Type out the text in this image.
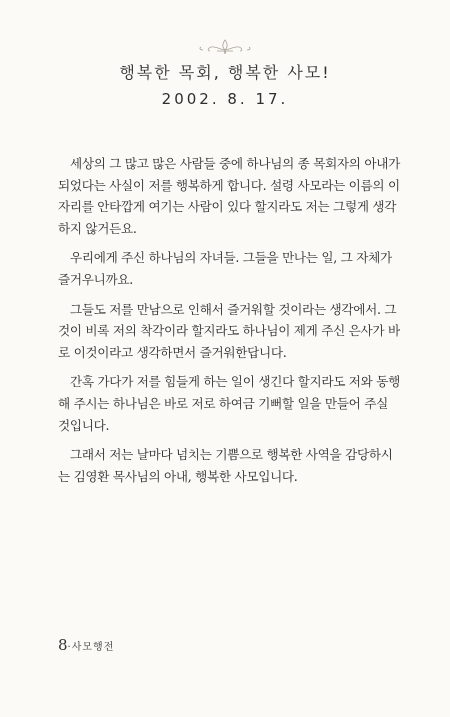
행복한 목회, 행복한 사모!
2002. 8. 17.

세상의 그 많고 많은 사람들 중에 하나님의 종 목회자의 아내가 되었다는 사실이 저를 행복하게 합니다. 설령 사모라는 이름의 이 자리를 안타깝게 여기는 사람이 있다 할지라도 저는 그렇게 생각하지 않거든요.

우리에게 주신 하나님의 자녀들. 그들을 만나는 일, 그 자체가 즐거우니까요.

그들도 저를 만남으로 인해서 즐거워할 것이라는 생각에서. 그것이 비록 저의 착각이라 할지라도 하나님이 제게 주신 은사가 바로 이것이라고 생각하면서 즐거워한답니다.

간혹 가다가 저를 힘들게 하는 일이 생긴다 할지라도 저와 동행해 주시는 하나님은 바로 저로 하여금 기뻐할 일을 만들어 주실 것입니다.

그래서 저는 날마다 넘치는 기쁨으로 행복한 사역을 감당하시는 김영환 목사님의 아내, 행복한 사모입니다.

8·사모행전
